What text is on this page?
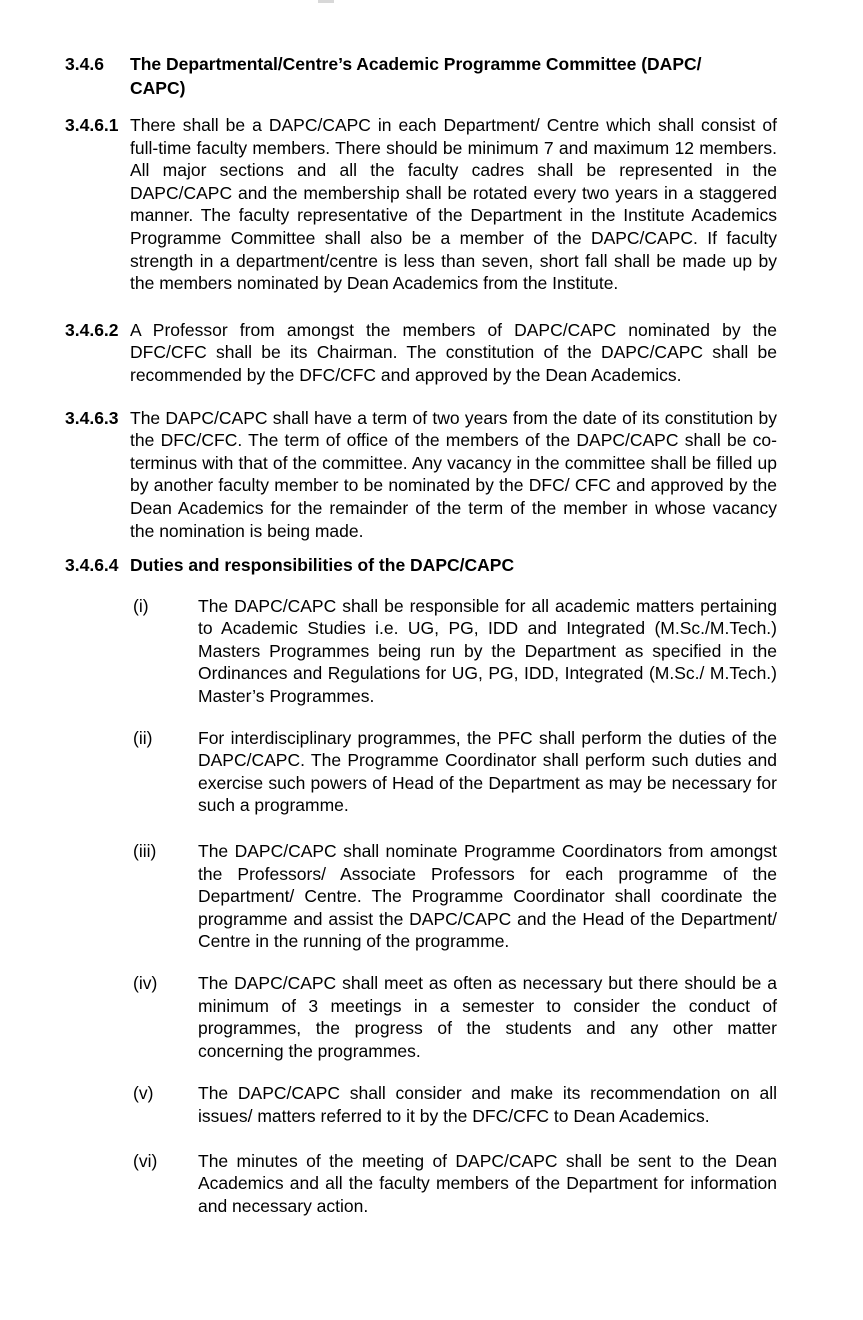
3.4.6	The Departmental/Centre’s Academic Programme Committee (DAPC/ CAPC)
3.4.6.1 There shall be a DAPC/CAPC in each Department/ Centre which shall consist of full-time faculty members. There should be minimum 7 and maximum 12 members. All major sections and all the faculty cadres shall be represented in the DAPC/CAPC and the membership shall be rotated every two years in a staggered manner. The faculty representative of the Department in the Institute Academics Programme Committee shall also be a member of the DAPC/CAPC. If faculty strength in a department/centre is less than seven, short fall shall be made up by the members nominated by Dean Academics from the Institute.

3.4.6.2 A Professor from amongst the members of DAPC/CAPC nominated by the DFC/CFC shall be its Chairman. The constitution of the DAPC/CAPC shall be recommended by the DFC/CFC and approved by the Dean Academics.

3.4.6.3 The DAPC/CAPC shall have a term of two years from the date of its constitution by the DFC/CFC. The term of office of the members of the DAPC/CAPC shall be co-terminus with that of the committee. Any vacancy in the committee shall be filled up by another faculty member to be nominated by the DFC/ CFC and approved by the Dean Academics for the remainder of the term of the member in whose vacancy the nomination is being made.

3.4.6.4 Duties and responsibilities of the DAPC/CAPC

(i)	The DAPC/CAPC shall be responsible for all academic matters pertaining to Academic Studies i.e. UG, PG, IDD and Integrated (M.Sc./M.Tech.) Masters Programmes being run by the Department as specified in the Ordinances and Regulations for UG, PG, IDD, Integrated (M.Sc./ M.Tech.) Master’s Programmes.

(ii)	For interdisciplinary programmes, the PFC shall perform the duties of the DAPC/CAPC. The Programme Coordinator shall perform such duties and exercise such powers of Head of the Department as may be necessary for such a programme.

(iii)	The DAPC/CAPC shall nominate Programme Coordinators from amongst the Professors/ Associate Professors for each programme of the Department/ Centre. The Programme Coordinator shall coordinate the programme and assist the DAPC/CAPC and the Head of the Department/ Centre in the running of the programme.

(iv)	The DAPC/CAPC shall meet as often as necessary but there should be a minimum of 3 meetings in a semester to consider the conduct of programmes, the progress of the students and any other matter concerning the programmes.

(v)	The DAPC/CAPC shall consider and make its recommendation on all issues/ matters referred to it by the DFC/CFC to Dean Academics.

(vi)	The minutes of the meeting of DAPC/CAPC shall be sent to the Dean Academics and all the faculty members of the Department for information and necessary action.
